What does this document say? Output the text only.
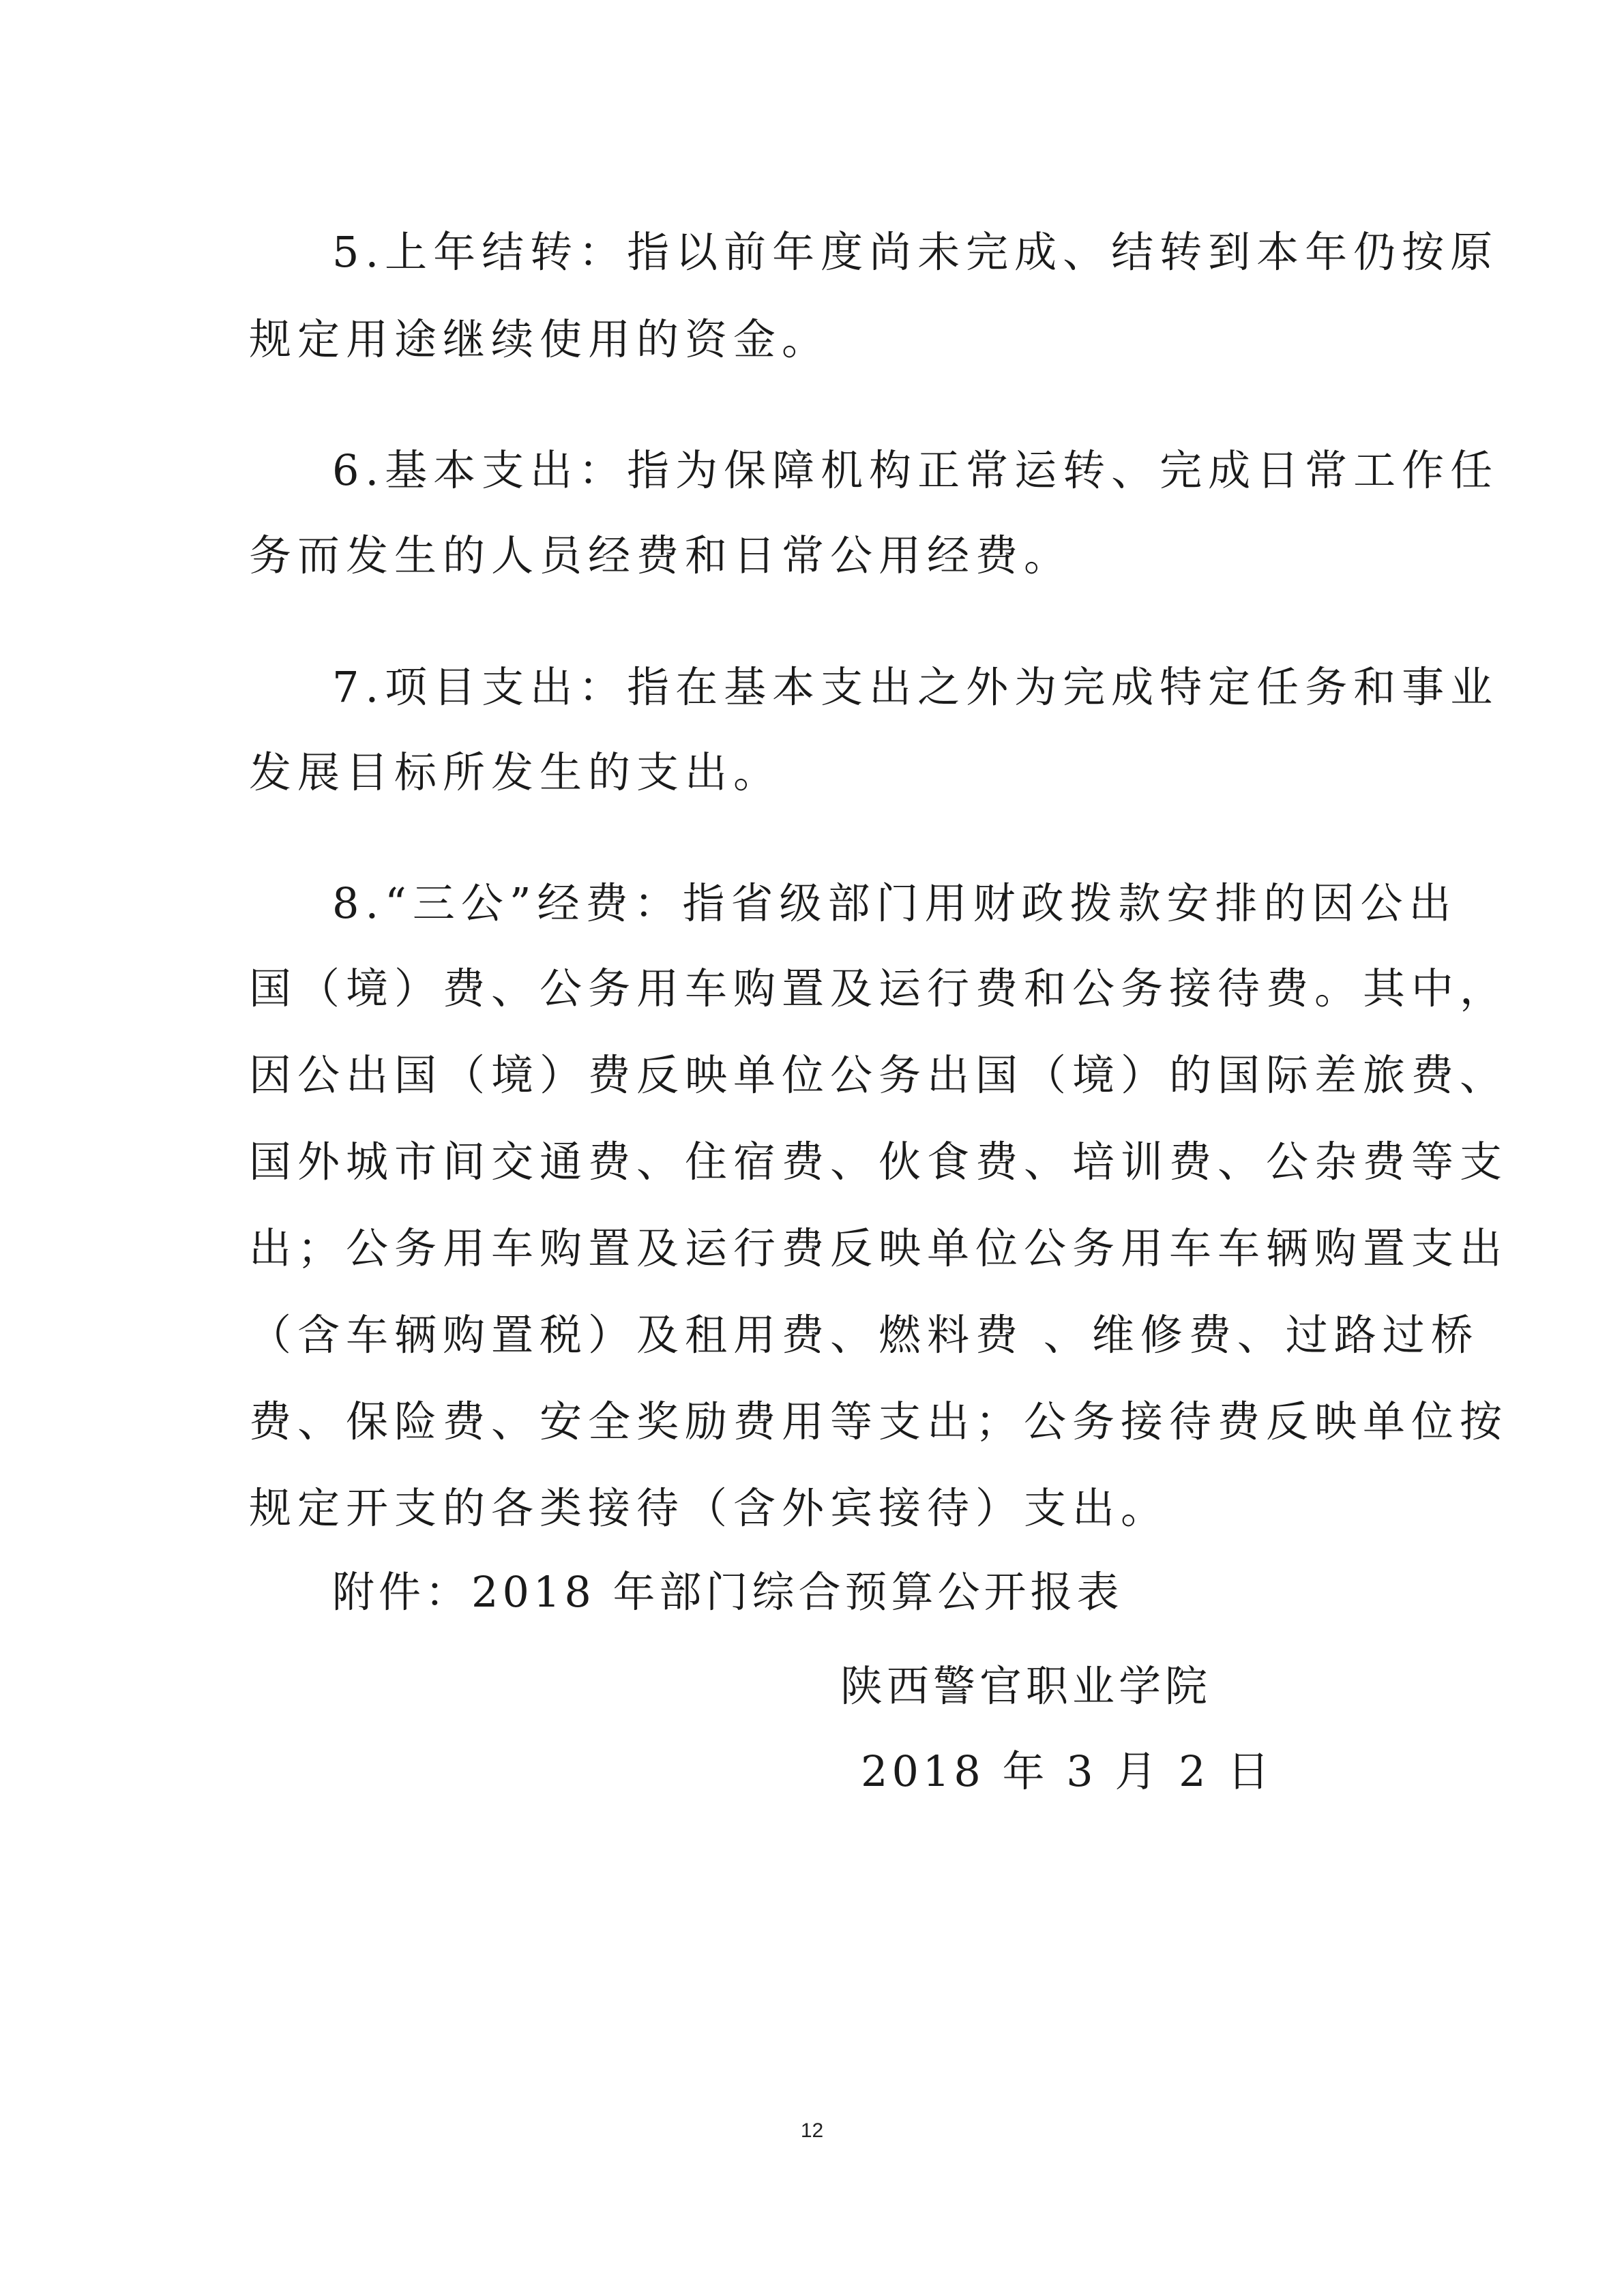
5.上年结转：指以前年度尚未完成、结转到本年仍按原
规定用途继续使用的资金。
6.基本支出：指为保障机构正常运转、完成日常工作任
务而发生的人员经费和日常公用经费。
7.项目支出：指在基本支出之外为完成特定任务和事业
发展目标所发生的支出。
8.“三公”经费：指省级部门用财政拨款安排的因公出
国（境）费、公务用车购置及运行费和公务接待费。其中，
因公出国（境）费反映单位公务出国（境）的国际差旅费、
国外城市间交通费、住宿费、伙食费、培训费、公杂费等支
出；公务用车购置及运行费反映单位公务用车车辆购置支出
（含车辆购置税）及租用费、燃料费 、维修费、过路过桥
费、保险费、安全奖励费用等支出；公务接待费反映单位按
规定开支的各类接待（含外宾接待）支出。
附件：2018 年部门综合预算公开报表
陕西警官职业学院
2018 年 3 月 2 日
12
